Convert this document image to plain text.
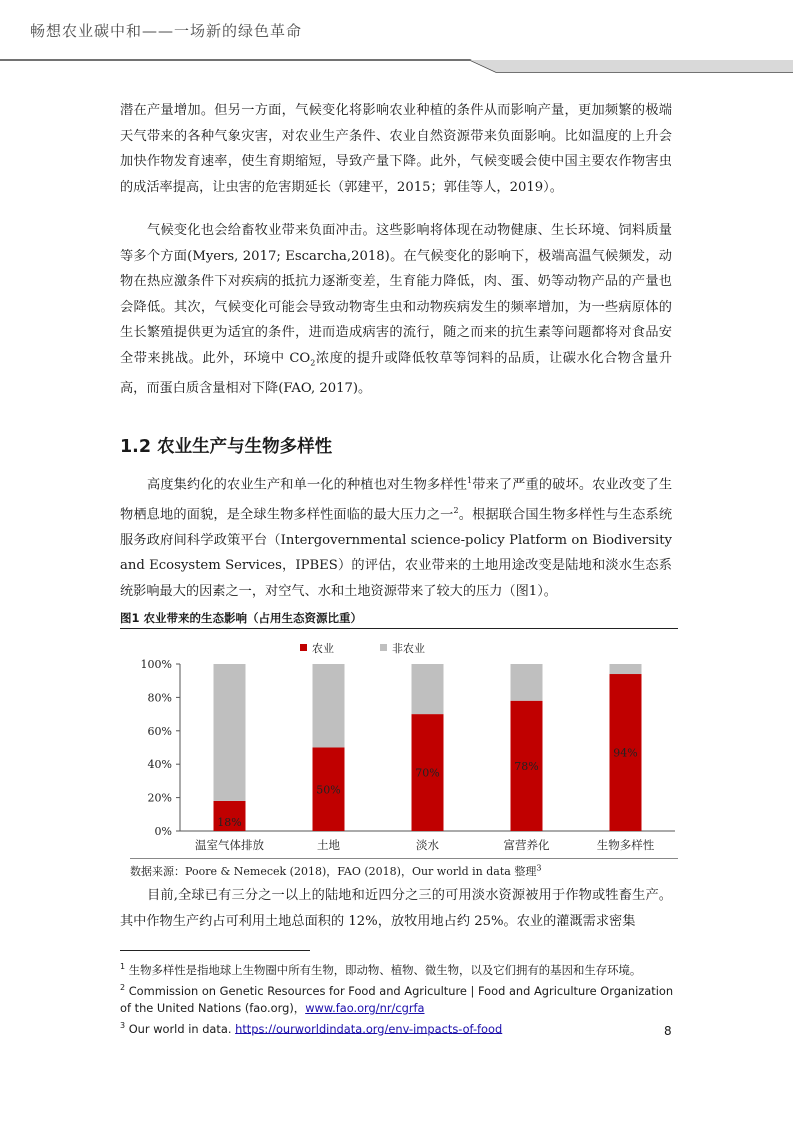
畅想农业碳中和——一场新的绿色革命

潜在产量增加。但另一方面，气候变化将影响农业种植的条件从而影响产量，更加频繁的极端天气带来的各种气象灾害，对农业生产条件、农业自然资源带来负面影响。比如温度的上升会加快作物发育速率，使生育期缩短，导致产量下降。此外，气候变暖会使中国主要农作物害虫的成活率提高，让虫害的危害期延长（郭建平，2015；郭佳等人，2019）。

气候变化也会给畜牧业带来负面冲击。这些影响将体现在动物健康、生长环境、饲料质量等多个方面(Myers, 2017; Escarcha,2018)。在气候变化的影响下，极端高温气候频发，动物在热应激条件下对疾病的抵抗力逐渐变差，生育能力降低，肉、蛋、奶等动物产品的产量也会降低。其次，气候变化可能会导致动物寄生虫和动物疾病发生的频率增加，为一些病原体的生长繁殖提供更为适宜的条件，进而造成病害的流行，随之而来的抗生素等问题都将对食品安全带来挑战。此外，环境中 $CO_2$浓度的提升或降低牧草等饲料的品质，让碳水化合物含量升高，而蛋白质含量相对下降(FAO, 2017)。

1.2 农业生产与生物多样性

高度集约化的农业生产和单一化的种植也对生物多样性$^1$带来了严重的破坏。农业改变了生物栖息地的面貌，是全球生物多样性面临的最大压力之一$^2$。根据联合国生物多样性与生态系统服务政府间科学政策平台（Intergovernmental science-policy Platform on Biodiversity and Ecosystem Services，IPBES）的评估，农业带来的土地用途改变是陆地和淡水生态系统影响最大的因素之一，对空气、水和土地资源带来了较大的压力（图1）。

图1 农业带来的生态影响（占用生态资源比重）
0%
20%
40%
60%
80%
100%
农业	非农业
18%
温室气体排放
50%
土地
70%
淡水
78%
富营养化
94%
生物多样性
数据来源：Poore & Nemecek (2018)，FAO (2018)，Our world in data 整理$^3$

目前,全球已有三分之一以上的陆地和近四分之三的可用淡水资源被用于作物或牲畜生产。其中作物生产约占可利用土地总面积的 12%，放牧用地占约 25%。农业的灌溉需求密集

$^1$ 生物多样性是指地球上生物圈中所有生物，即动物、植物、微生物，以及它们拥有的基因和生存环境。

$^2$ Commission on Genetic Resources for Food and Agriculture | Food and Agriculture Organization of the United Nations (fao.org)，www.fao.org/nr/cgrfa

$^3$ Our world in data. https://ourworldindata.org/env-impacts-of-food	8
